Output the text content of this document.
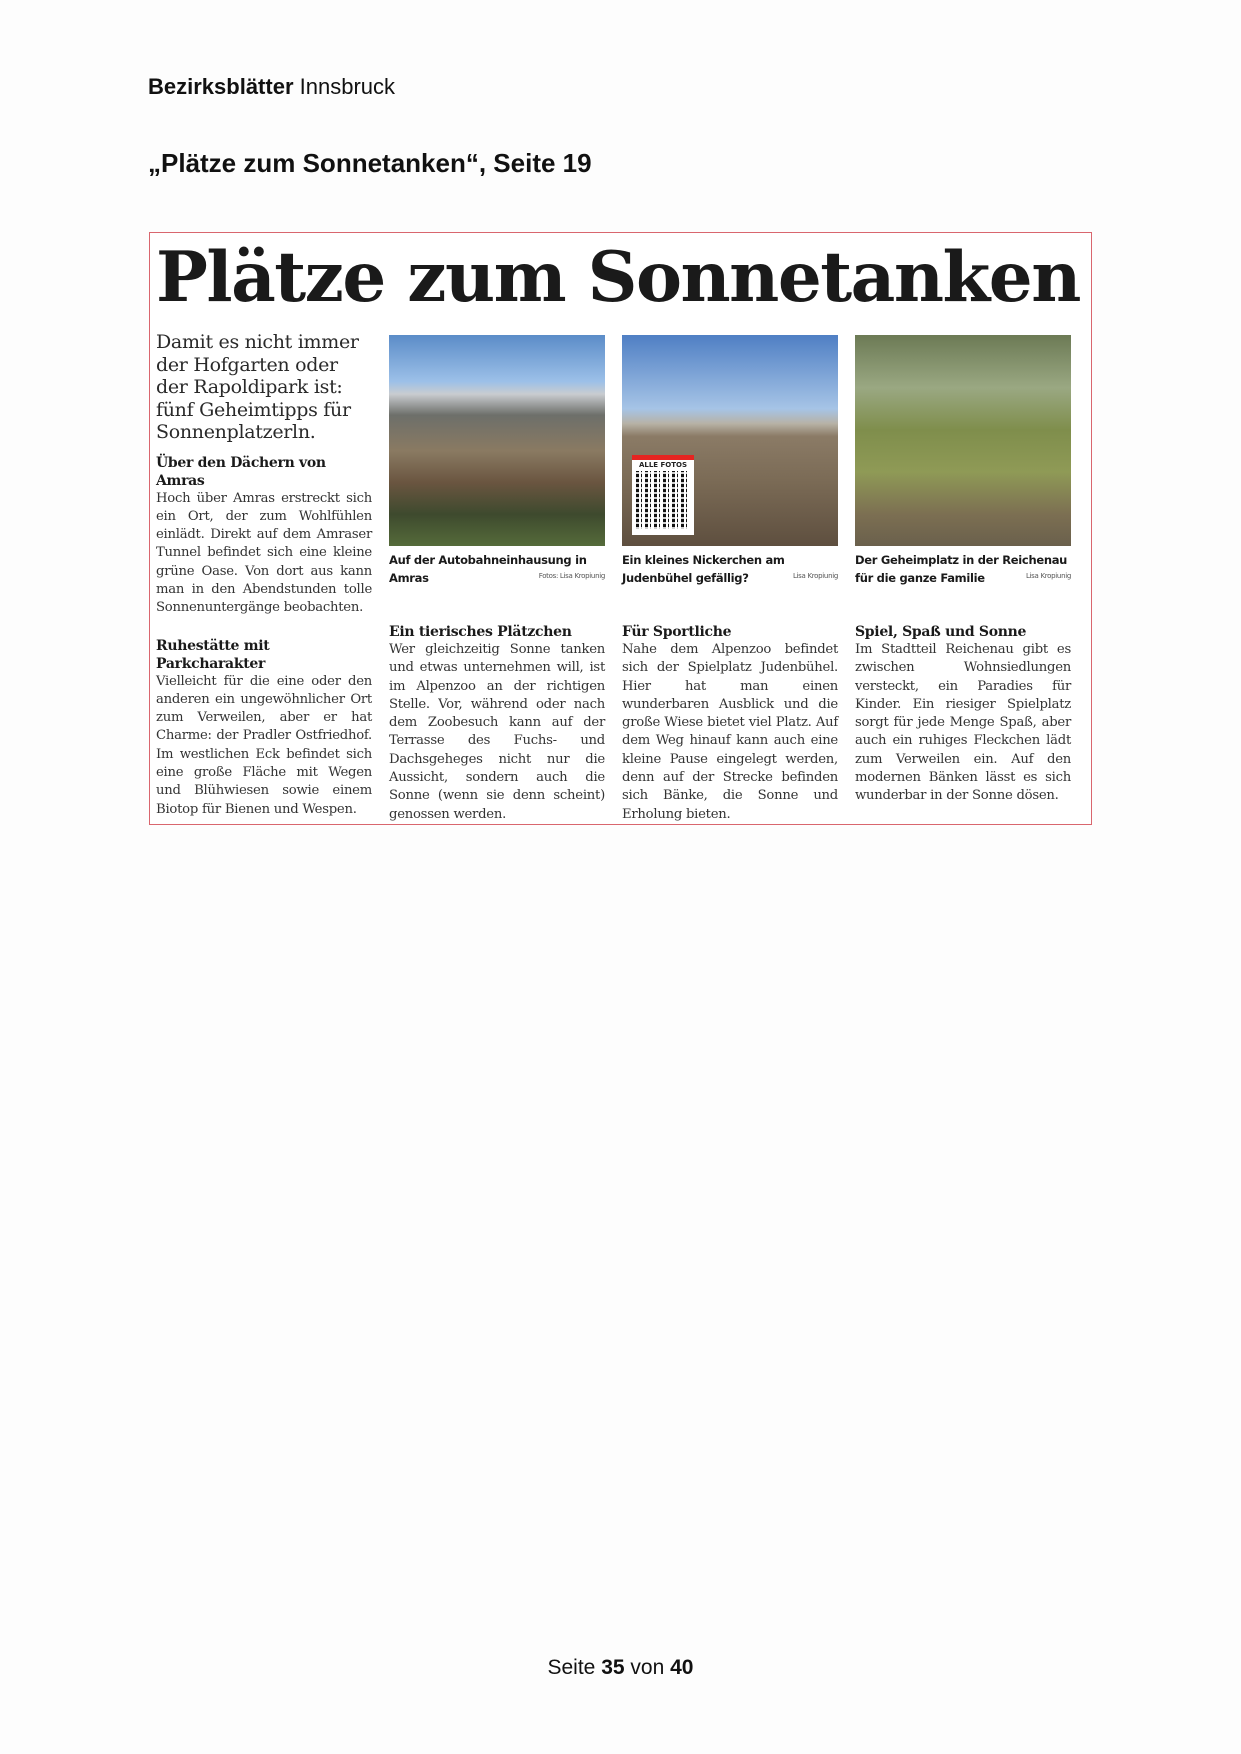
Bezirksblätter Innsbruck
„Plätze zum Sonnetanken“, Seite 19
Plätze zum Sonnetanken

Damit es nicht immer der Hofgarten oder der Rapoldipark ist: fünf Geheimtipps für Sonnenplatzerln.

Über den Dächern von Amras

Hoch über Amras erstreckt sich ein Ort, der zum Wohlfühlen einlädt. Direkt auf dem Amraser Tunnel befindet sich eine kleine grüne Oase. Von dort aus kann man in den Abendstunden tolle Sonnenuntergänge beobachten.

Ruhestätte mit Parkcharakter

Vielleicht für die eine oder den anderen ein ungewöhnlicher Ort zum Verweilen, aber er hat Charme: der Pradler Ostfriedhof. Im westlichen Eck befindet sich eine große Fläche mit Wegen und Blühwiesen sowie einem Biotop für Bienen und Wespen.

ALLE FOTOS
Auf der Autobahneinhausung in Amras	Fotos: Lisa Kropiunig
Ein kleines Nickerchen am Judenbühel gefällig?	Lisa Kropiunig
Der Geheimplatz in der Reichenau für die ganze Familie	Lisa Kropiunig
Ein tierisches Plätzchen

Wer gleichzeitig Sonne tanken und etwas unternehmen will, ist im Alpenzoo an der richtigen Stelle. Vor, während oder nach dem Zoobesuch kann auf der Terrasse des Fuchs- und Dachsgeheges nicht nur die Aussicht, sondern auch die Sonne (wenn sie denn scheint) genossen werden.

Für Sportliche

Nahe dem Alpenzoo befindet sich der Spielplatz Judenbühel. Hier hat man einen wunderbaren Ausblick und die große Wiese bietet viel Platz. Auf dem Weg hinauf kann auch eine kleine Pause eingelegt werden, denn auf der Strecke befinden sich Bänke, die Sonne und Erholung bieten.

Spiel, Spaß und Sonne

Im Stadtteil Reichenau gibt es zwischen Wohnsiedlungen versteckt, ein Paradies für Kinder. Ein riesiger Spielplatz sorgt für jede Menge Spaß, aber auch ein ruhiges Fleckchen lädt zum Verweilen ein. Auf den modernen Bänken lässt es sich wunderbar in der Sonne dösen.

Seite 35 von 40
